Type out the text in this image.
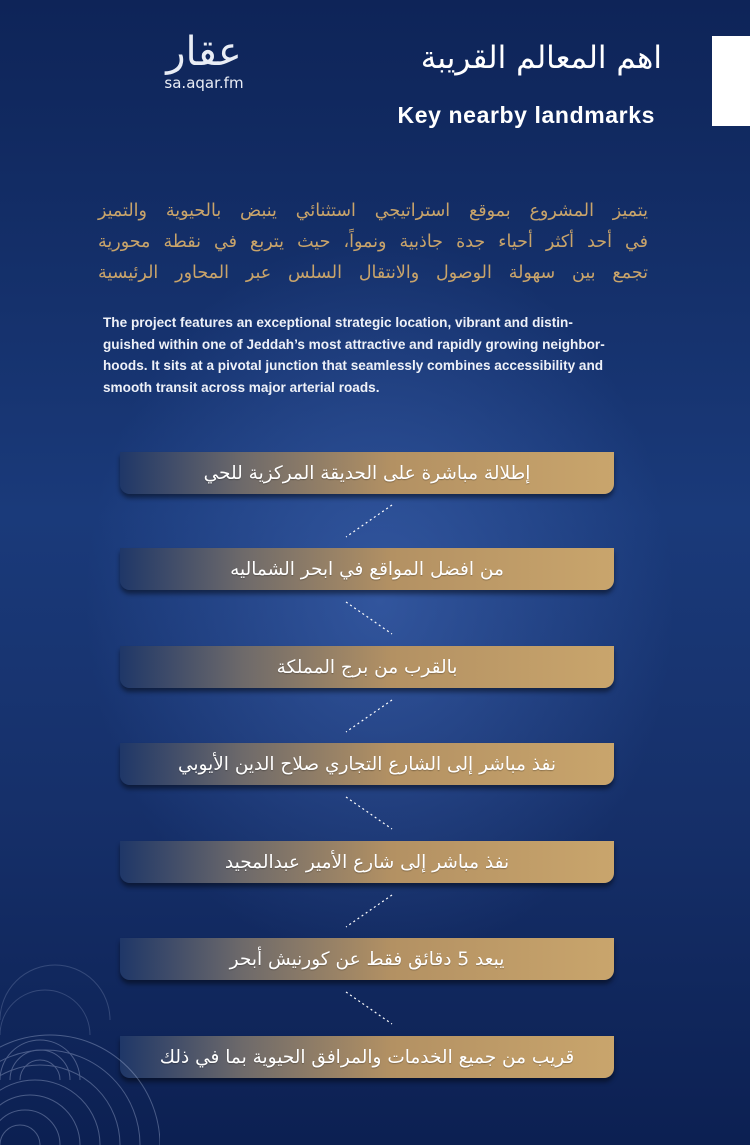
عقار
sa.aqar.fm
اهم المعالم القريبة
Key nearby landmarks

يتميز المشروع بموقع استراتيجي استثنائي ينبض بالحيوية والتميز
في أحد أكثر أحياء جدة جاذبية ونمواً، حيث يتربع في نقطة محورية
تجمع بين سهولة الوصول والانتقال السلس عبر المحاور الرئيسية

The project features an exceptional strategic location, vibrant and distin-
guished within one of Jeddah’s most attractive and rapidly growing neighbor-
hoods. It sits at a pivotal junction that seamlessly combines accessibility and
smooth transit across major arterial roads.

إطلالة مباشرة على الحديقة المركزية للحي
من افضل المواقع في ابحر الشماليه
بالقرب من برج المملكة
نفذ مباشر إلى الشارع التجاري صلاح الدين الأيوبي
نفذ مباشر إلى شارع الأمير عبدالمجيد
يبعد 5 دقائق فقط عن كورنيش أبحر
قريب من جميع الخدمات والمرافق الحيوية بما في ذلك
